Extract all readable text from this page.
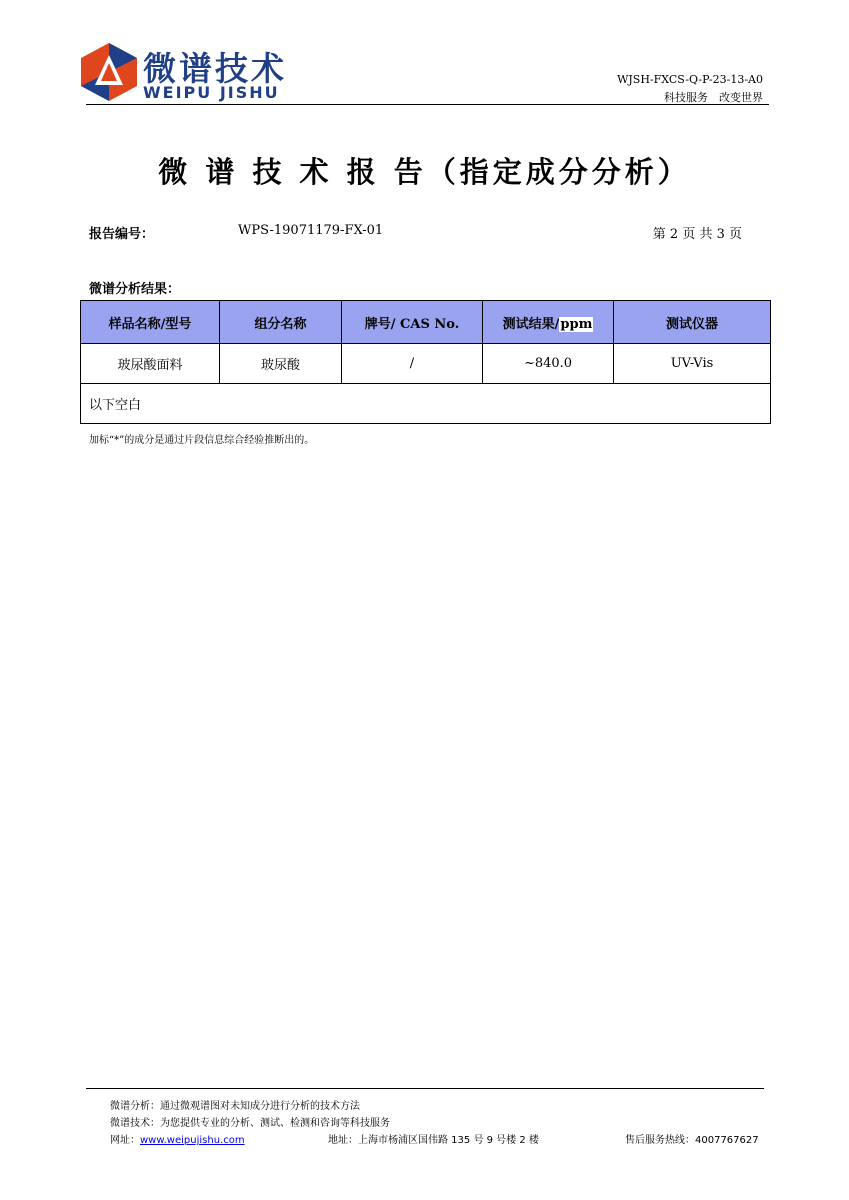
微谱技术
WEIPU JISHU
WJSH-FXCS-Q-P-23-13-A0
科技服务　改变世界
微 谱 技 术 报 告（指定成分分析）
报告编号：	WPS-19071179-FX-01	第 2 页 共 3 页
微谱分析结果：
样品名称/型号	组分名称	牌号/ CAS No.	测试结果/ppm	测试仪器
玻尿酸面料	玻尿酸	/	~840.0	UV-Vis
以下空白				
加标“*”的成分是通过片段信息综合经验推断出的。
微谱分析：通过微观谱图对未知成分进行分析的技术方法
微谱技术：为您提供专业的分析、测试、检测和咨询等科技服务
网址：www.weipujishu.com	地址：上海市杨浦区国伟路 135 号 9 号楼 2 楼	售后服务热线：4007767627
